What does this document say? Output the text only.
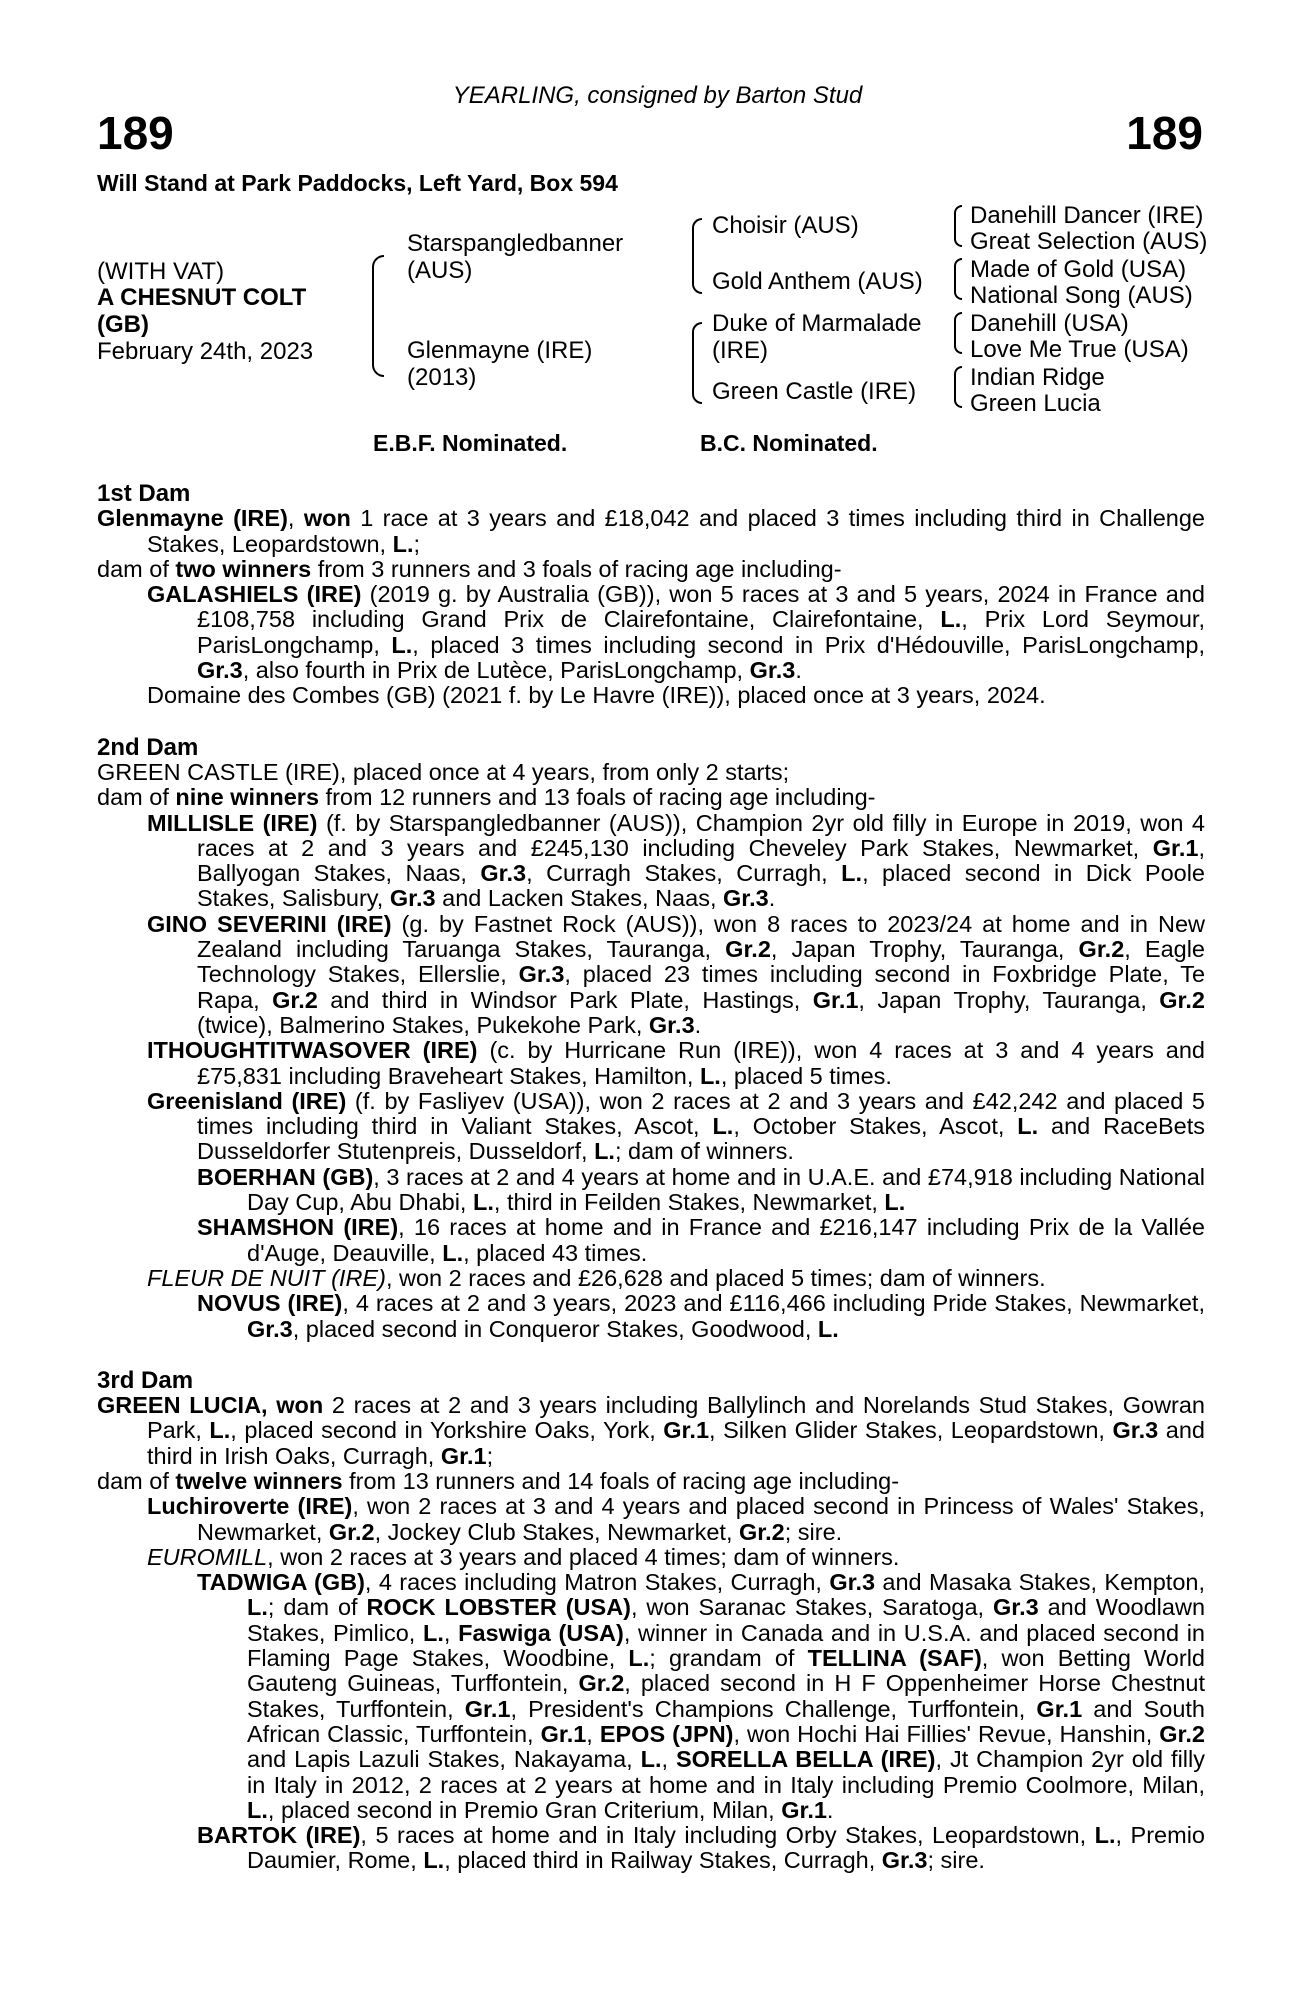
YEARLING, consigned by Barton Stud
189	189
Will Stand at Park Paddocks, Left Yard, Box 594
(WITH VAT)
A CHESNUT COLT
(GB)
February 24th, 2023
Starspangledbanner
(AUS)
Glenmayne (IRE)
(2013)
Choisir (AUS)
Gold Anthem (AUS)
Duke of Marmalade
(IRE)
Green Castle (IRE)
Danehill Dancer (IRE)
Great Selection (AUS)
Made of Gold (USA)
National Song (AUS)
Danehill (USA)
Love Me True (USA)
Indian Ridge
Green Lucia
E.B.F. Nominated.	B.C. Nominated.
1st Dam
Glenmayne (IRE), won 1 race at 3 years and £18,042 and placed 3 times including third in Challenge Stakes, Leopardstown, L.;
dam of two winners from 3 runners and 3 foals of racing age including-
GALASHIELS (IRE) (2019 g. by Australia (GB)), won 5 races at 3 and 5 years, 2024 in France and £108,758 including Grand Prix de Clairefontaine, Clairefontaine, L., Prix Lord Seymour, ParisLongchamp, L., placed 3 times including second in Prix d'Hédouville, ParisLongchamp, Gr.3, also fourth in Prix de Lutèce, ParisLongchamp, Gr.3.
Domaine des Combes (GB) (2021 f. by Le Havre (IRE)), placed once at 3 years, 2024.
2nd Dam
GREEN CASTLE (IRE), placed once at 4 years, from only 2 starts;
dam of nine winners from 12 runners and 13 foals of racing age including-
MILLISLE (IRE) (f. by Starspangledbanner (AUS)), Champion 2yr old filly in Europe in 2019, won 4 races at 2 and 3 years and £245,130 including Cheveley Park Stakes, Newmarket, Gr.1, Ballyogan Stakes, Naas, Gr.3, Curragh Stakes, Curragh, L., placed second in Dick Poole Stakes, Salisbury, Gr.3 and Lacken Stakes, Naas, Gr.3.
GINO SEVERINI (IRE) (g. by Fastnet Rock (AUS)), won 8 races to 2023/24 at home and in New Zealand including Taruanga Stakes, Tauranga, Gr.2, Japan Trophy, Tauranga, Gr.2, Eagle Technology Stakes, Ellerslie, Gr.3, placed 23 times including second in Foxbridge Plate, Te Rapa, Gr.2 and third in Windsor Park Plate, Hastings, Gr.1, Japan Trophy, Tauranga, Gr.2 (twice), Balmerino Stakes, Pukekohe Park, Gr.3.
ITHOUGHTITWASOVER (IRE) (c. by Hurricane Run (IRE)), won 4 races at 3 and 4 years and £75,831 including Braveheart Stakes, Hamilton, L., placed 5 times.
Greenisland (IRE) (f. by Fasliyev (USA)), won 2 races at 2 and 3 years and £42,242 and placed 5 times including third in Valiant Stakes, Ascot, L., October Stakes, Ascot, L. and RaceBets Dusseldorfer Stutenpreis, Dusseldorf, L.; dam of winners.
BOERHAN (GB), 3 races at 2 and 4 years at home and in U.A.E. and £74,918 including National Day Cup, Abu Dhabi, L., third in Feilden Stakes, Newmarket, L.
SHAMSHON (IRE), 16 races at home and in France and £216,147 including Prix de la Vallée d'Auge, Deauville, L., placed 43 times.
FLEUR DE NUIT (IRE), won 2 races and £26,628 and placed 5 times; dam of winners.
NOVUS (IRE), 4 races at 2 and 3 years, 2023 and £116,466 including Pride Stakes, Newmarket, Gr.3, placed second in Conqueror Stakes, Goodwood, L.
3rd Dam
GREEN LUCIA, won 2 races at 2 and 3 years including Ballylinch and Norelands Stud Stakes, Gowran Park, L., placed second in Yorkshire Oaks, York, Gr.1, Silken Glider Stakes, Leopardstown, Gr.3 and third in Irish Oaks, Curragh, Gr.1;
dam of twelve winners from 13 runners and 14 foals of racing age including-
Luchiroverte (IRE), won 2 races at 3 and 4 years and placed second in Princess of Wales' Stakes, Newmarket, Gr.2, Jockey Club Stakes, Newmarket, Gr.2; sire.
EUROMILL, won 2 races at 3 years and placed 4 times; dam of winners.
TADWIGA (GB), 4 races including Matron Stakes, Curragh, Gr.3 and Masaka Stakes, Kempton, L.; dam of ROCK LOBSTER (USA), won Saranac Stakes, Saratoga, Gr.3 and Woodlawn Stakes, Pimlico, L., Faswiga (USA), winner in Canada and in U.S.A. and placed second in Flaming Page Stakes, Woodbine, L.; grandam of TELLINA (SAF), won Betting World Gauteng Guineas, Turffontein, Gr.2, placed second in H F Oppenheimer Horse Chestnut Stakes, Turffontein, Gr.1, President's Champions Challenge, Turffontein, Gr.1 and South African Classic, Turffontein, Gr.1, EPOS (JPN), won Hochi Hai Fillies' Revue, Hanshin, Gr.2 and Lapis Lazuli Stakes, Nakayama, L., SORELLA BELLA (IRE), Jt Champion 2yr old filly in Italy in 2012, 2 races at 2 years at home and in Italy including Premio Coolmore, Milan, L., placed second in Premio Gran Criterium, Milan, Gr.1.
BARTOK (IRE), 5 races at home and in Italy including Orby Stakes, Leopardstown, L., Premio Daumier, Rome, L., placed third in Railway Stakes, Curragh, Gr.3; sire.
